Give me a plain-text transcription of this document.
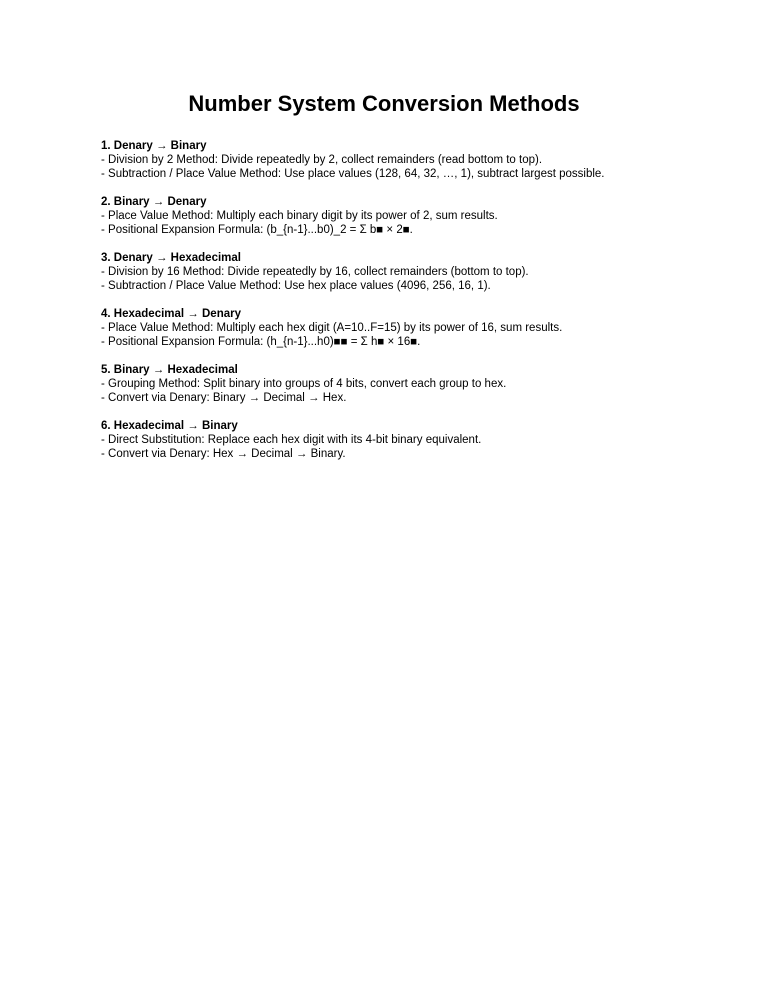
Number System Conversion Methods

1. Denary → Binary

- Division by 2 Method: Divide repeatedly by 2, collect remainders (read bottom to top).

- Subtraction / Place Value Method: Use place values (128, 64, 32, …, 1), subtract largest possible.

2. Binary → Denary

- Place Value Method: Multiply each binary digit by its power of 2, sum results.

- Positional Expansion Formula: (b_{n-1}...b0)_2 = Σ b■ × 2■.

3. Denary → Hexadecimal

- Division by 16 Method: Divide repeatedly by 16, collect remainders (bottom to top).

- Subtraction / Place Value Method: Use hex place values (4096, 256, 16, 1).

4. Hexadecimal → Denary

- Place Value Method: Multiply each hex digit (A=10..F=15) by its power of 16, sum results.

- Positional Expansion Formula: (h_{n-1}...h0)■■ = Σ h■ × 16■.

5. Binary → Hexadecimal

- Grouping Method: Split binary into groups of 4 bits, convert each group to hex.

- Convert via Denary: Binary → Decimal → Hex.

6. Hexadecimal → Binary

- Direct Substitution: Replace each hex digit with its 4-bit binary equivalent.

- Convert via Denary: Hex → Decimal → Binary.
